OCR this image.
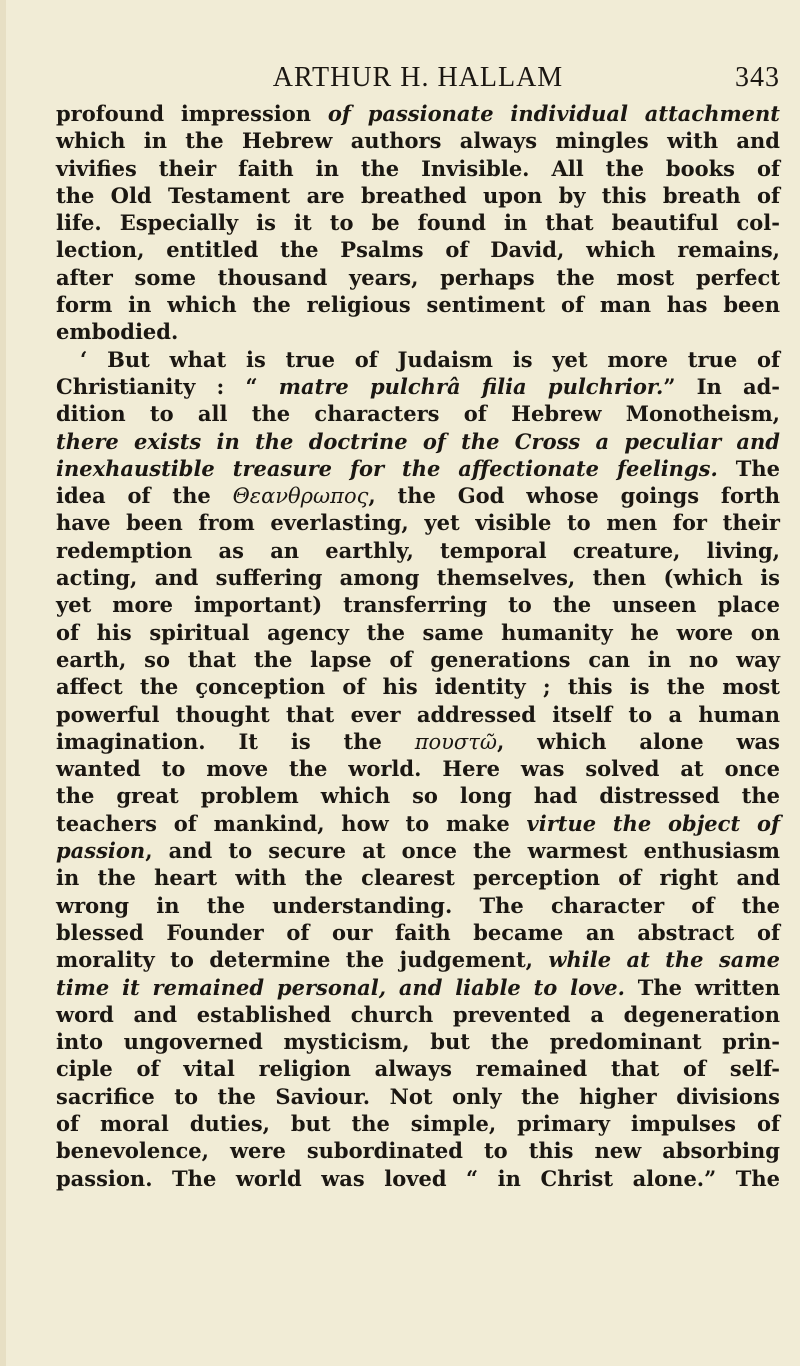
ARTHUR H. HALLAM	343
profound impression of passionate individual attachment
which in the Hebrew authors always mingles with and
vivifies their faith in the Invisible. All the books of
the Old Testament are breathed upon by this breath of
life. Especially is it to be found in that beautiful col-
lection, entitled the Psalms of David, which remains,
after some thousand years, perhaps the most perfect
form in which the religious sentiment of man has been
embodied.
‘ But what is true of Judaism is yet more true of
Christianity : “ matre pulchrâ filia pulchrior.” In ad-
dition to all the characters of Hebrew Monotheism,
there exists in the doctrine of the Cross a peculiar and
inexhaustible treasure for the affectionate feelings. The
idea of the Θεανθρωπος, the God whose goings forth
have been from everlasting, yet visible to men for their
redemption as an earthly, temporal creature, living,
acting, and suffering among themselves, then (which is
yet more important) transferring to the unseen place
of his spiritual agency the same humanity he wore on
earth, so that the lapse of generations can in no way
affect the çonception of his identity ; this is the most
powerful thought that ever addressed itself to a human
imagination. It is the πουστῶ, which alone was
wanted to move the world. Here was solved at once
the great problem which so long had distressed the
teachers of mankind, how to make virtue the object of
passion, and to secure at once the warmest enthusiasm
in the heart with the clearest perception of right and
wrong in the understanding. The character of the
blessed Founder of our faith became an abstract of
morality to determine the judgement, while at the same
time it remained personal, and liable to love. The written
word and established church prevented a degeneration
into ungoverned mysticism, but the predominant prin-
ciple of vital religion always remained that of self-
sacrifice to the Saviour. Not only the higher divisions
of moral duties, but the simple, primary impulses of
benevolence, were subordinated to this new absorbing
passion. The world was loved “ in Christ alone.” The
